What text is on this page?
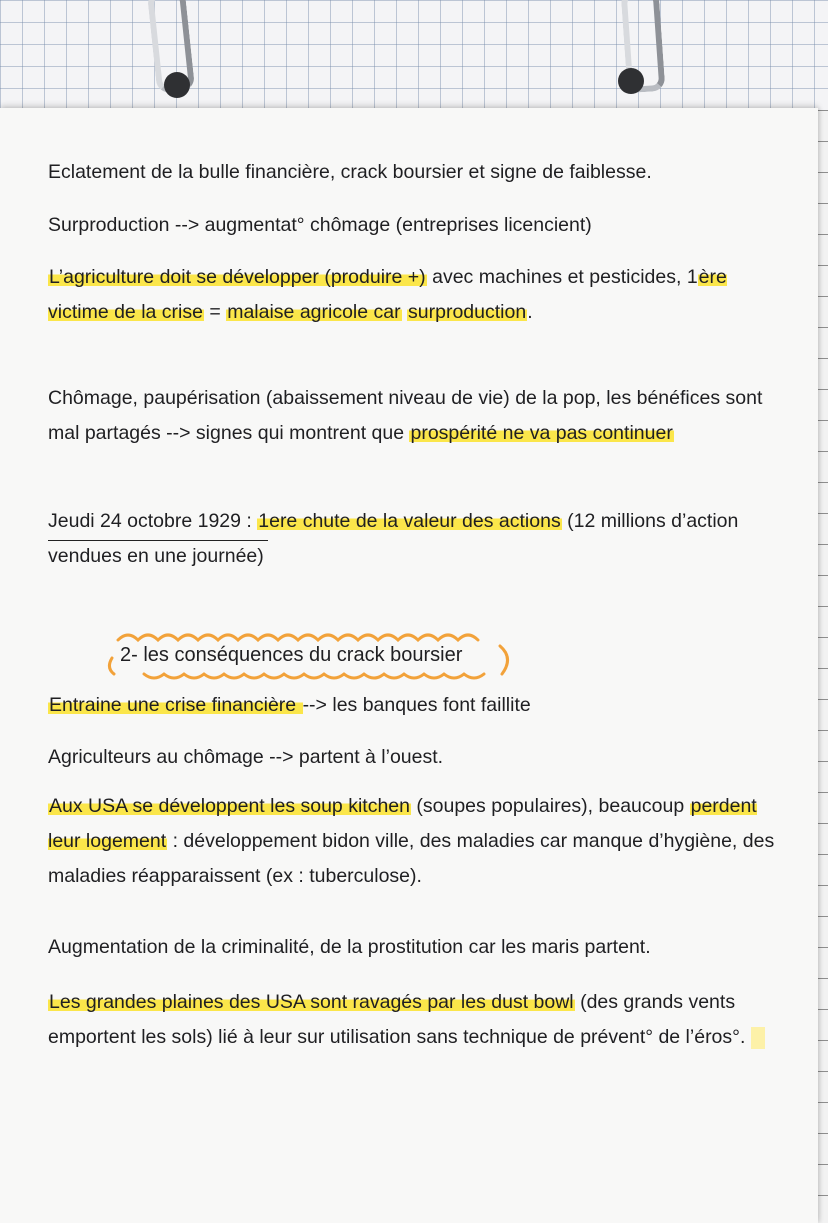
Eclatement de la bulle financière, crack boursier et signe de faiblesse.
Surproduction --> augmentat° chômage (entreprises licencient)
L’agriculture doit se développer (produire +) avec machines et pesticides, 1ère victime de la crise = malaise agricole car surproduction.
Chômage, paupérisation (abaissement niveau de vie) de la pop, les bénéfices sont mal partagés --> signes qui montrent que prospérité ne va pas continuer
Jeudi 24 octobre 1929 : 1ere chute de la valeur des actions (12 millions d’action vendues en une journée)
2- les conséquences du crack boursier
Entraine une crise financière --> les banques font faillite
Agriculteurs au chômage --> partent à l’ouest.
Aux USA se développent les soup kitchen (soupes populaires), beaucoup perdent leur logement : développement bidon ville, des maladies car manque d’hygiène, des maladies réapparaissent (ex : tuberculose).
Augmentation de la criminalité, de la prostitution car les maris partent.
Les grandes plaines des USA sont ravagés par les dust bowl (des grands vents emportent les sols) lié à leur sur utilisation sans technique de prévent° de l’éros°.
